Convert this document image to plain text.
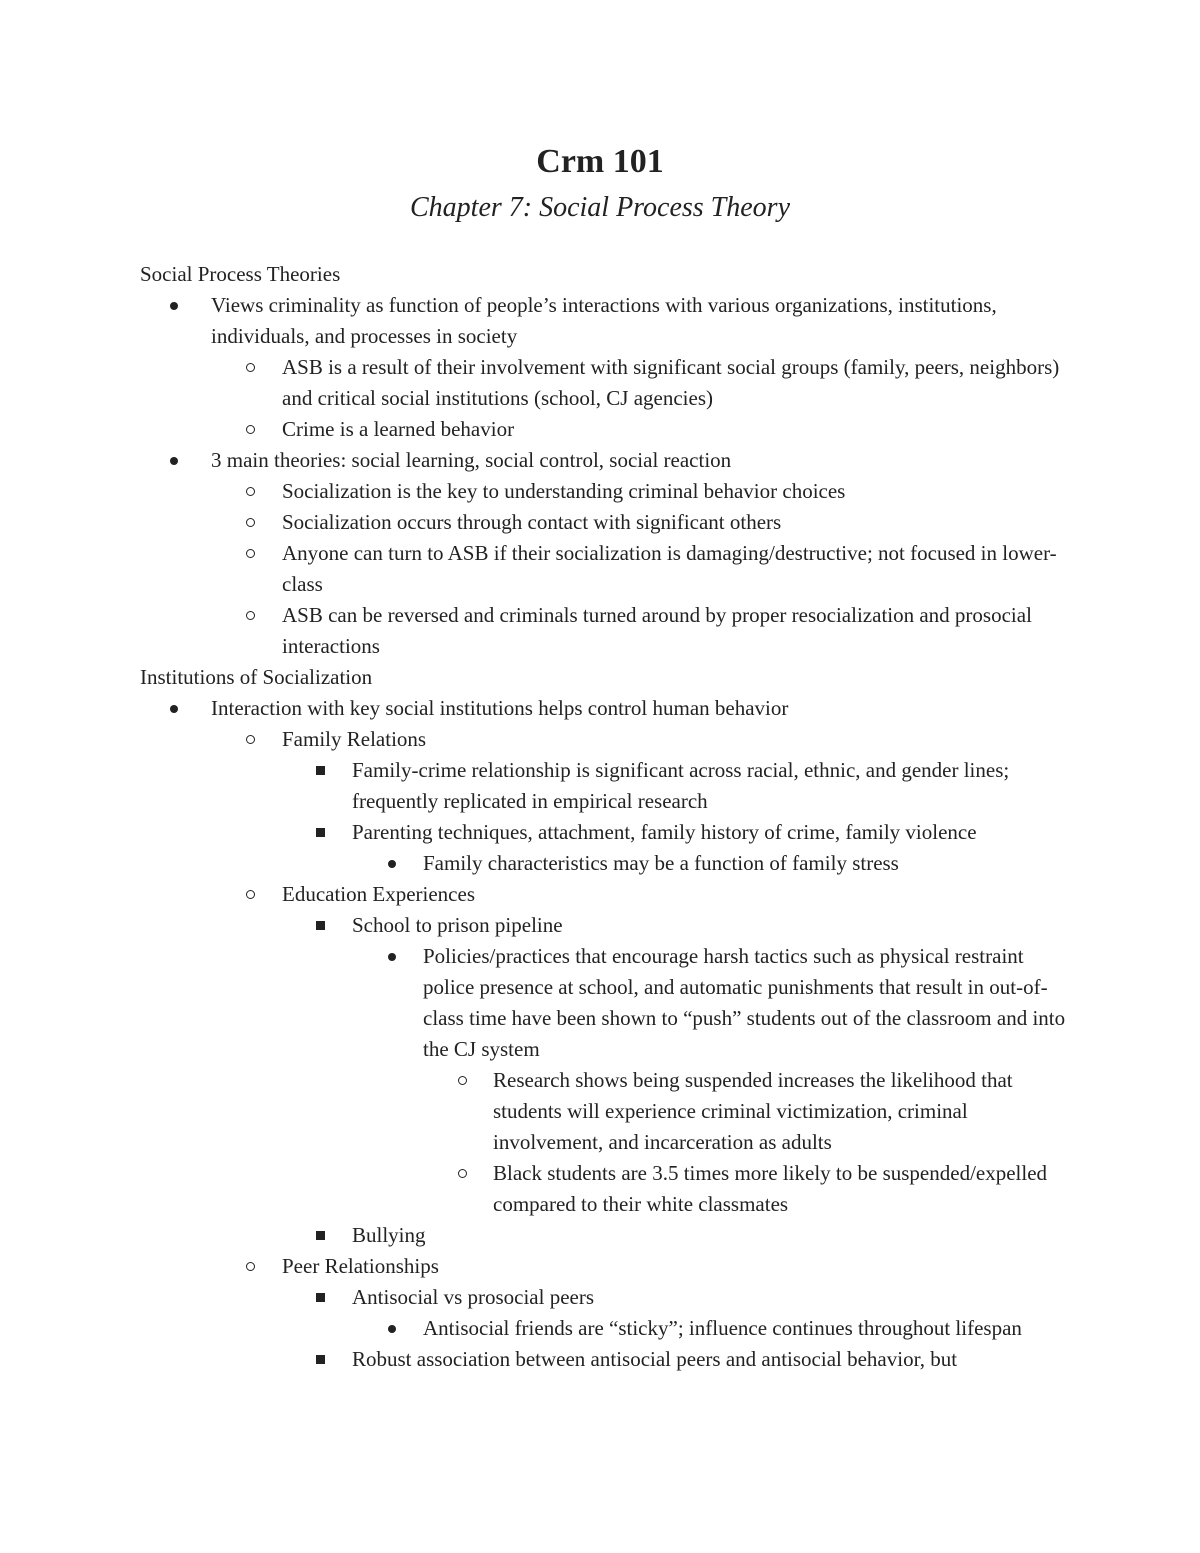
Crm 101
Chapter 7: Social Process Theory
Social Process Theories
Views criminality as function of people’s interactions with various organizations, institutions, individuals, and processes in society
ASB is a result of their involvement with significant social groups (family, peers, neighbors) and critical social institutions (school, CJ agencies)
Crime is a learned behavior
3 main theories: social learning, social control, social reaction
Socialization is the key to understanding criminal behavior choices
Socialization occurs through contact with significant others
Anyone can turn to ASB if their socialization is damaging/destructive; not focused in lower-class
ASB can be reversed and criminals turned around by proper resocialization and prosocial interactions
Institutions of Socialization
Interaction with key social institutions helps control human behavior
Family Relations
Family-crime relationship is significant across racial, ethnic, and gender lines; frequently replicated in empirical research
Parenting techniques, attachment, family history of crime, family violence
Family characteristics may be a function of family stress
Education Experiences
School to prison pipeline
Policies/practices that encourage harsh tactics such as physical restraint police presence at school, and automatic punishments that result in out-of-class time have been shown to “push” students out of the classroom and into the CJ system
Research shows being suspended increases the likelihood that students will experience criminal victimization, criminal involvement, and incarceration as adults
Black students are 3.5 times more likely to be suspended/expelled compared to their white classmates
Bullying
Peer Relationships
Antisocial vs prosocial peers
Antisocial friends are “sticky”; influence continues throughout lifespan
Robust association between antisocial peers and antisocial behavior, but
